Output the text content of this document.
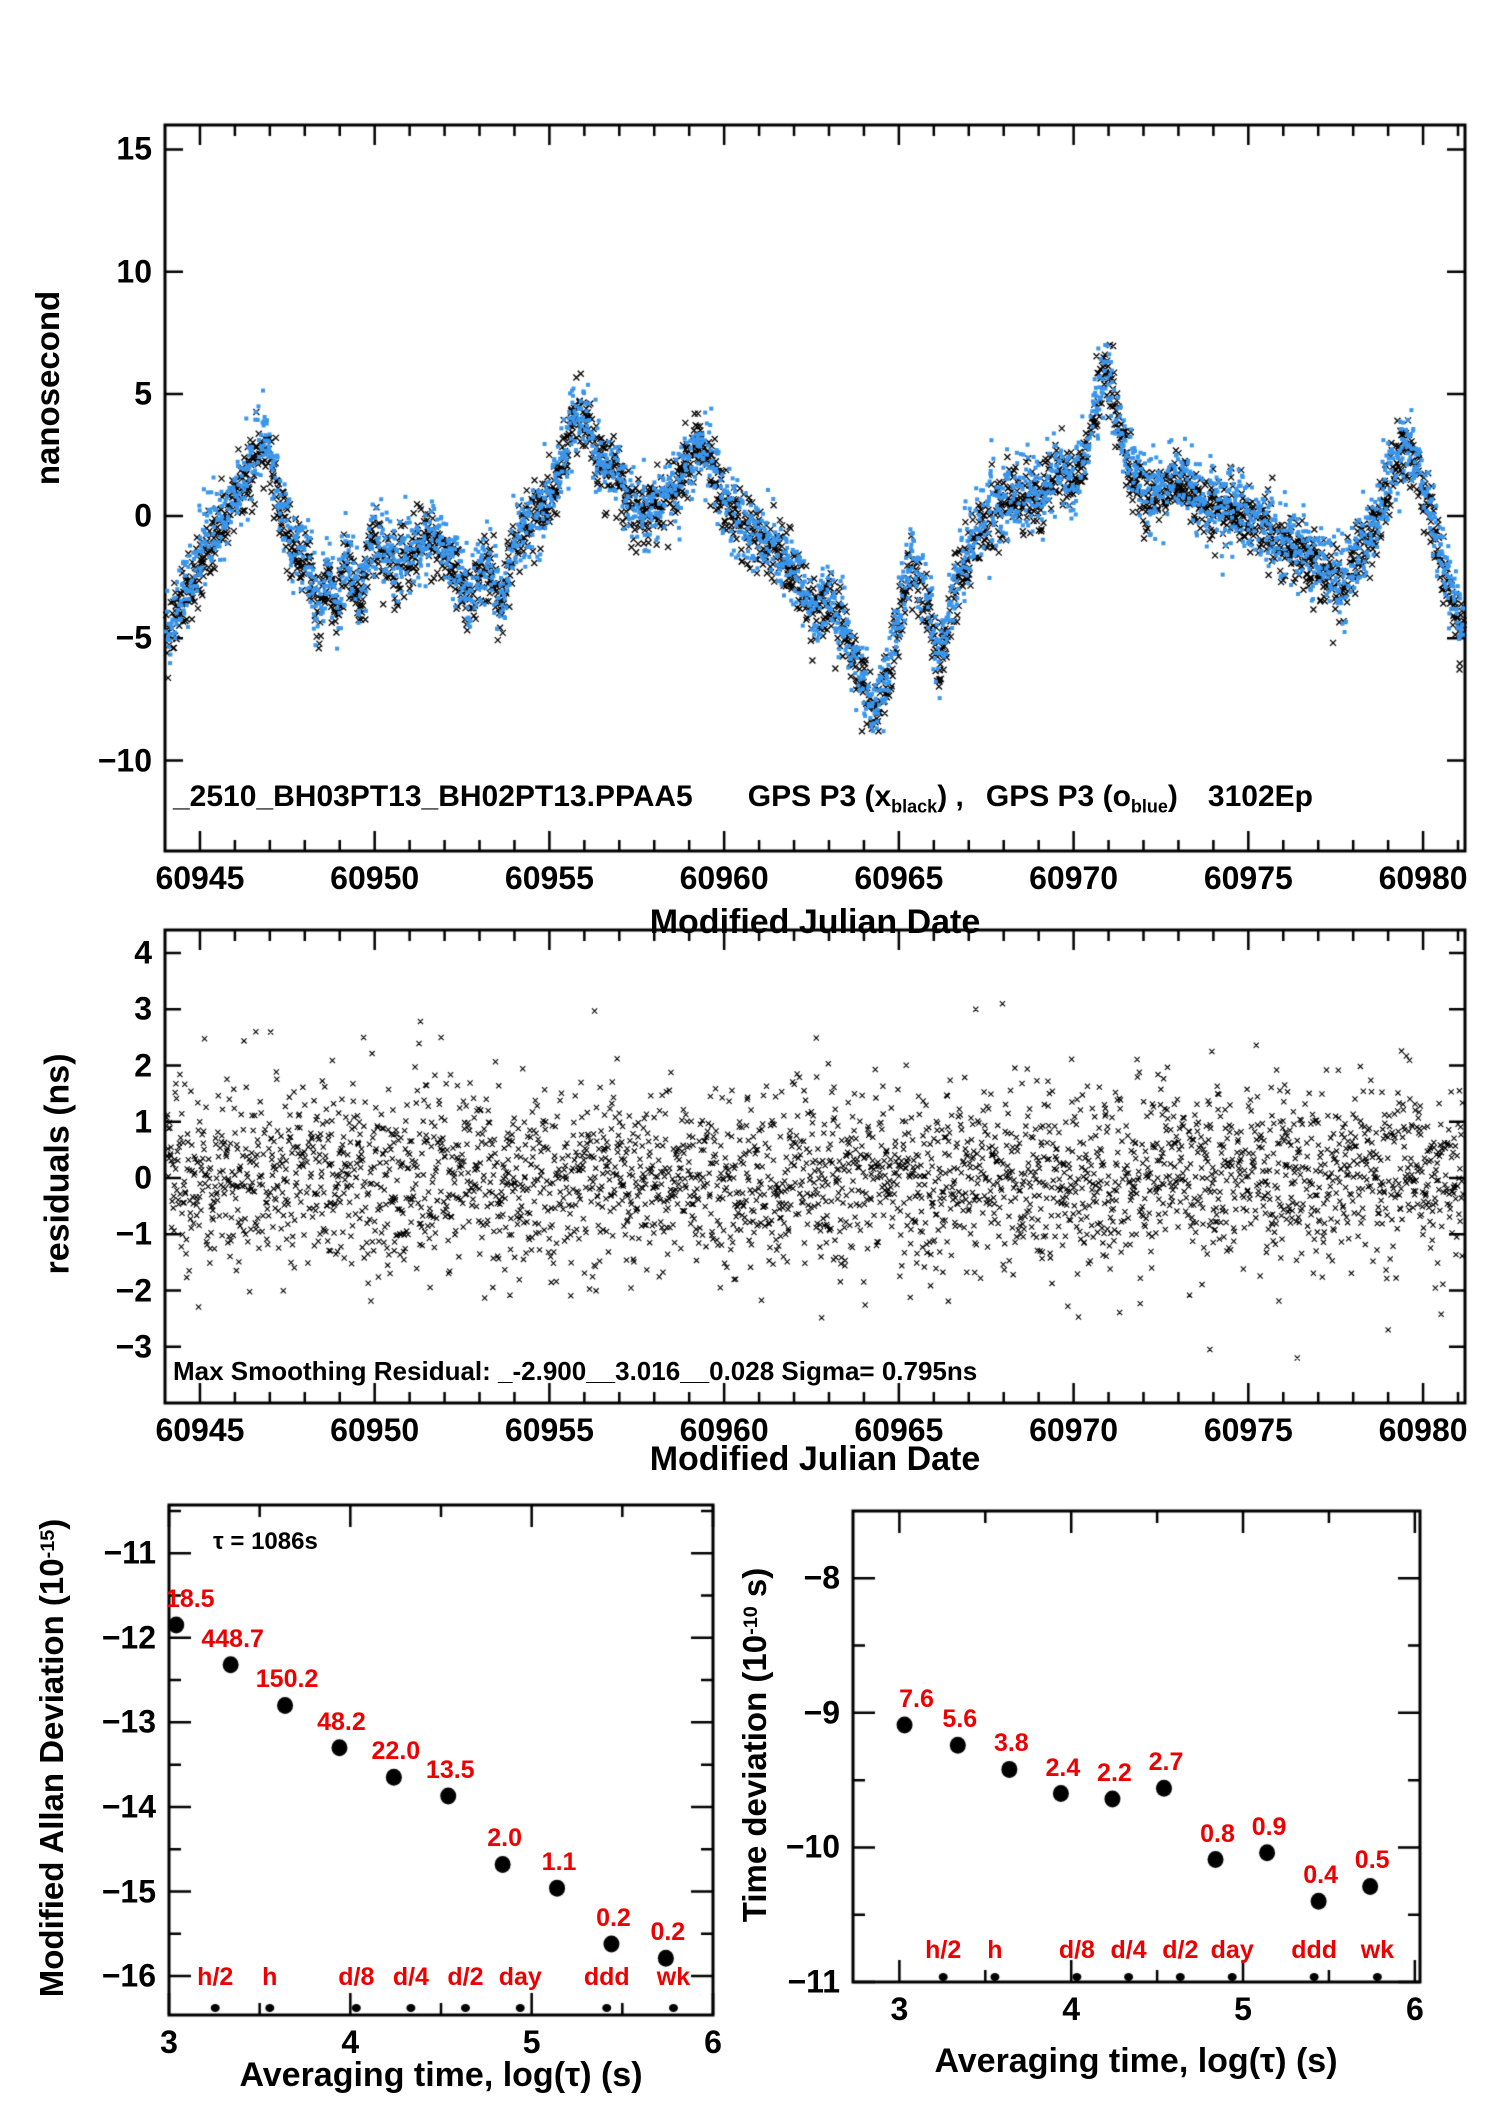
nanosecond
Modified Julian Date
_2510_BH03PT13_BH02PT13.PPAA5 GPS P3 $(x_{black})$ , GPS P3 $(o_{blue})$ 3102Ep
residuals (ns)
Modified Julian Date
Max Smoothing Residual: _-2.900__3.016__0.028 Sigma= 0.795ns
Modified Allan Deviation $(10^{-15})$
Averaging time, log(τ) (s)
τ = 1086s
Time deviation ($10^{-10}$ s)
Averaging time, log(τ) (s)
60945	60950	60955	60960	60965	60970	60975	60980
−10
−5
0
5
10
15
60945	60950	60955	60960	60965	60970	60975	60980
−3
−2
−1
0
1
2
3
4
3	4	5	6
−16
−15
−14
−13
−12
−11
18.5
448.7
150.2
48.2
22.0
13.5
2.0
1.1
0.2
0.2
h/2 h d/8 d/4 d/2 day ddd wk
3	4	5	6
−11
−10
−9
−8
7.6
5.6
3.8
2.4 2.2 2.7
0.8 0.9
0.4
0.5
h/2 h d/8 d/4 d/2 day ddd wk
